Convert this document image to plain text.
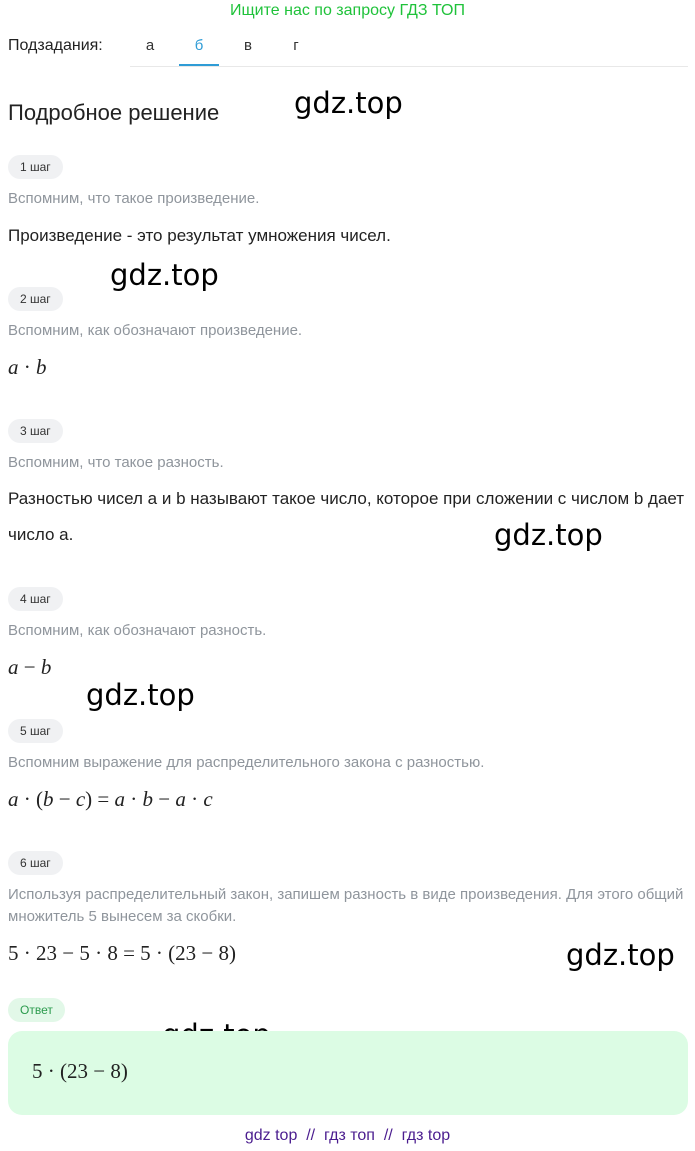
Ищите нас по запросу ГДЗ ТОП
Подзадания:	а	б	в	г
Подробное решение	gdz.top
gdz.top
gdz.top
gdz.top
gdz.top
1 шаг
Вспомним, что такое произведение.
Произведение - это результат умножения чисел.
2 шаг
Вспомним, как обозначают произведение.
a · b
3 шаг
Вспомним, что такое разность.
Разностью чисел a и b называют такое число, которое при сложении с числом b дает число a.
4 шаг
Вспомним, как обозначают разность.
a − b
5 шаг
Вспомним выражение для распределительного закона с разностью.
a · (b − c) = a · b − a · c
6 шаг
Используя распределительный закон, запишем разность в виде произведения. Для этого общий множитель 5 вынесем за скобки.
5 · 23 − 5 · 8 = 5 · (23 − 8)
Ответ
5 · (23 − 8)
gdz top // гдз топ // гдз top
